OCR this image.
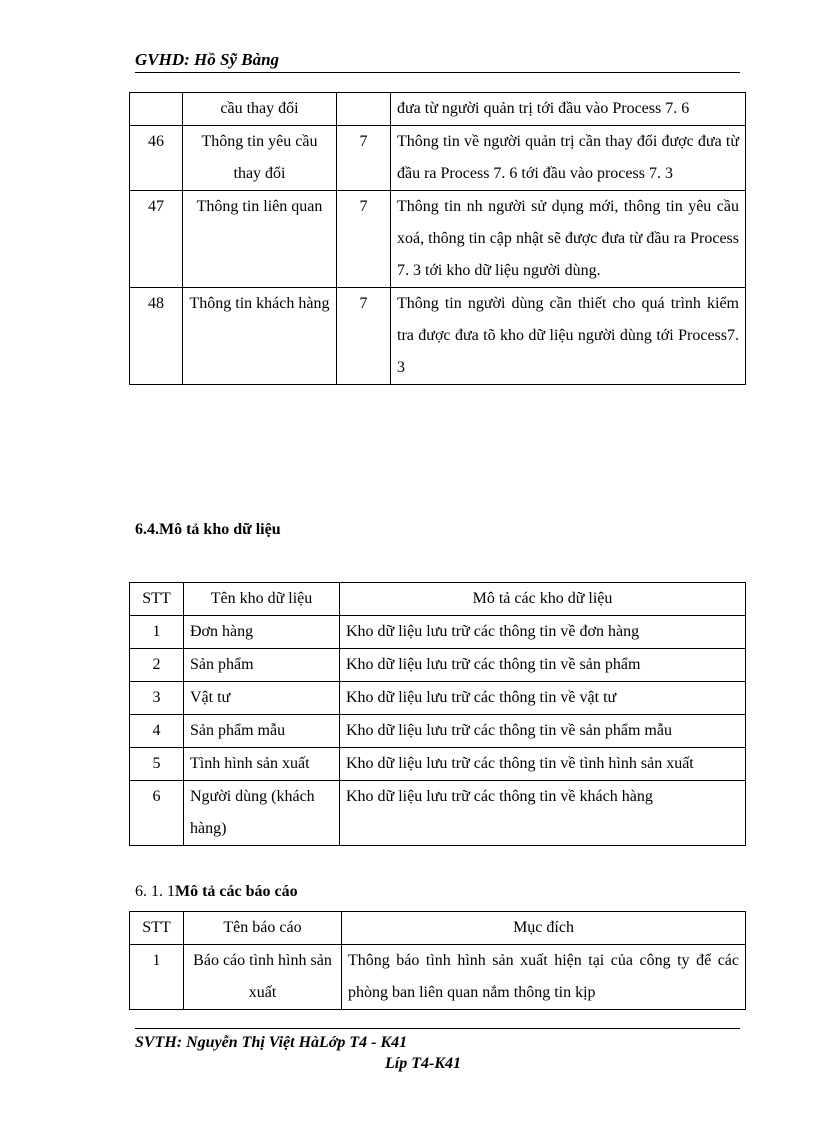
GVHD: Hồ Sỹ Bàng
	cầu thay đổi		đưa từ người quản trị tới đầu vào Process 7. 6
46	Thông tin yêu cầu thay đổi	7	Thông tin về người quản trị cần thay đổi được đưa từ đầu ra Process 7. 6 tới đầu vào process 7. 3
47	Thông tin liên quan	7	Thông tin nh người sử dụng mới, thông tin yêu cầu xoá, thông tin cập nhật sẽ được đưa từ đầu ra Process 7. 3 tới kho dữ liệu người dùng.
48	Thông tin khách hàng	7	Thông tin người dùng cần thiết cho quá trình kiểm tra được đưa tõ kho dữ liệu người dùng tới Process7. 3
6.4.Mô tả kho dữ liệu
STT	Tên kho dữ liệu	Mô tả các kho dữ liệu
1	Đơn hàng	Kho dữ liệu lưu trữ các thông tin về đơn hàng
2	Sản phẩm	Kho dữ liệu lưu trữ các thông tin về sản phẩm
3	Vật tư	Kho dữ liệu lưu trữ các thông tin về vật tư
4	Sản phẩm mẫu	Kho dữ liệu lưu trữ các thông tin về sản phẩm mẫu
5	Tình hình sản xuất	Kho dữ liệu lưu trữ các thông tin về tình hình sản xuất
6	Người dùng (khách hàng)	Kho dữ liệu lưu trữ các thông tin về khách hàng
6. 1. 1Mô tả các báo cáo
STT	Tên báo cáo	Mục đích
1	Báo cáo tình hình sản xuất	Thông báo tình hình sản xuất hiện tại của công ty để các phòng ban liên quan nắm thông tin kịp
SVTH: Nguyễn Thị Việt HàLớp T4 - K41
Líp T4-K41
